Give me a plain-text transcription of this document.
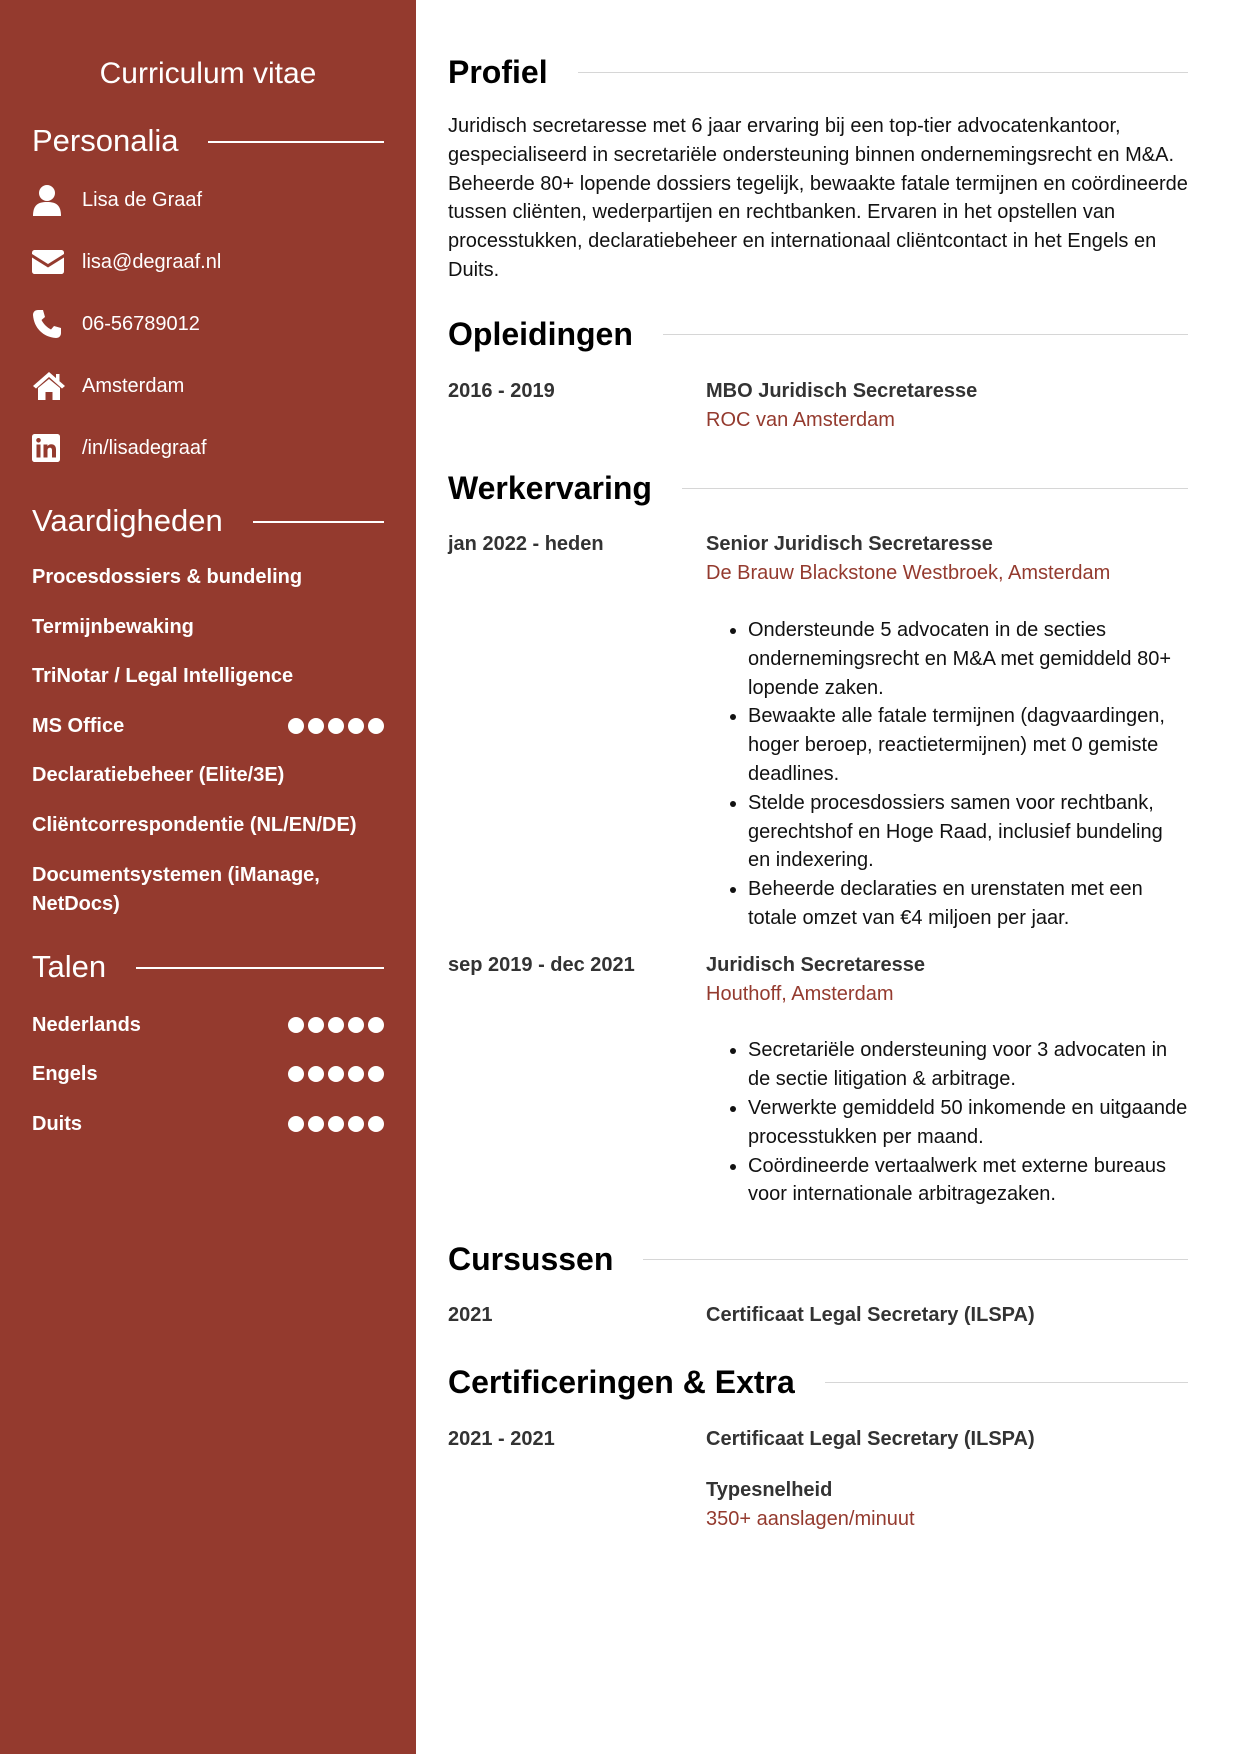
Curriculum vitae
Personalia
Lisa de Graaf
lisa@degraaf.nl
06-56789012
Amsterdam
/in/lisadegraaf
Vaardigheden
Procesdossiers & bundeling
Termijnbewaking
TriNotar / Legal Intelligence
MS Office
Declaratiebeheer (Elite/3E)
Cliëntcorrespondentie (NL/EN/DE)
Documentsystemen (iManage, NetDocs)
Talen
Nederlands
Engels
Duits
Profiel

Juridisch secretaresse met 6 jaar ervaring bij een top-tier advocatenkantoor, gespecialiseerd in secretariële ondersteuning binnen ondernemingsrecht en M&A. Beheerde 80+ lopende dossiers tegelijk, bewaakte fatale termijnen en coördineerde tussen cliënten, wederpartijen en rechtbanken. Ervaren in het opstellen van processtukken, declaratiebeheer en internationaal cliëntcontact in het Engels en Duits.

Opleidingen
2016 - 2019	MBO Juridisch Secretaresse
ROC van Amsterdam
Werkervaring
jan 2022 - heden	Senior Juridisch Secretaresse
De Brauw Blackstone Westbroek, Amsterdam
• Ondersteunde 5 advocaten in de secties ondernemingsrecht en M&A met gemiddeld 80+ lopende zaken.
• Bewaakte alle fatale termijnen (dagvaardingen, hoger beroep, reactietermijnen) met 0 gemiste deadlines.
• Stelde procesdossiers samen voor rechtbank, gerechtshof en Hoge Raad, inclusief bundeling en indexering.
• Beheerde declaraties en urenstaten met een totale omzet van €4 miljoen per jaar.
sep 2019 - dec 2021	Juridisch Secretaresse
Houthoff, Amsterdam
• Secretariële ondersteuning voor 3 advocaten in de sectie litigation & arbitrage.
• Verwerkte gemiddeld 50 inkomende en uitgaande processtukken per maand.
• Coördineerde vertaalwerk met externe bureaus voor internationale arbitragezaken.
Cursussen
2021	Certificaat Legal Secretary (ILSPA)
Certificeringen & Extra
2021 - 2021	Certificaat Legal Secretary (ILSPA)
Typesnelheid
350+ aanslagen/minuut
